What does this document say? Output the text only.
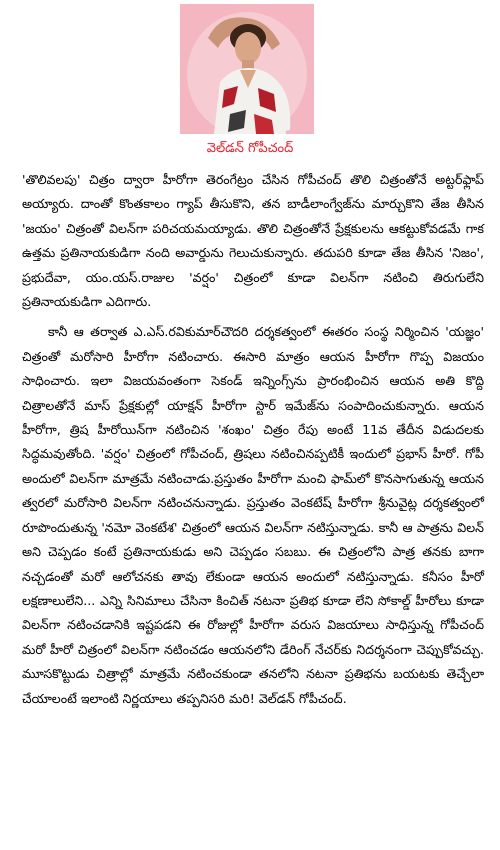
వెల్‌డన్ గోపీచంద్

'తొలివలపు' చిత్రం ద్వారా హీరోగా తెరంగేట్రం చేసిన గోపీచంద్ తొలి చిత్రంతోనే అట్టర్‌ఫ్లాప్ అయ్యారు. దాంతో కొంతకాలం గ్యాప్ తీసుకొని, తన బాడీలాంగ్వేజ్‌ను మార్చుకొని తేజ తీసిన 'జయం' చిత్రంతో విలన్‌గా పరిచయమయ్యాడు. తొలి చిత్రంతోనే ప్రేక్షకులను ఆకట్టుకోవడమే గాక ఉత్తమ ప్రతినాయకుడిగా నంది అవార్డును గెలుచుకున్నారు. తదుపరి కూడా తేజ తీసిన 'నిజం', ప్రభుదేవా, యం.యస్.రాజుల 'వర్షం' చిత్రంలో కూడా విలన్‌గా నటించి తిరుగులేని ప్రతినాయకుడిగా ఎదిగారు.

కానీ ఆ తర్వాత ఎ.ఎస్.రవికుమార్‌చౌదరి దర్శకత్వంలో ఈతరం సంస్థ నిర్మించిన 'యజ్ఞం' చిత్రంతో మరోసారి హీరోగా నటించారు. ఈసారి మాత్రం ఆయన హీరోగా గొప్ప విజయం సాధించారు. ఇలా విజయవంతంగా సెకండ్ ఇన్నింగ్స్‌ను ప్రారంభించిన ఆయన అతి కొద్ది చిత్రాలతోనే మాస్ ప్రేక్షకుల్లో యాక్షన్ హీరోగా స్టార్ ఇమేజ్‌ను సంపాదించుకున్నారు. ఆయన హీరోగా, త్రిష హీరోయిన్‌గా నటించిన 'శంఖం' చిత్రం రేపు అంటే 11వ తేదీన విడుదలకు సిద్ధమవుతోంది. 'వర్షం' చిత్రంలో గోపీచంద్, త్రిషలు నటించినప్పటికీ ఇందులో ప్రభాస్ హీరో. గోపీ అందులో విలన్‌గా మాత్రమే నటించాడు.ప్రస్తుతం హీరోగా మంచి ఫామ్‌లో కొనసాగుతున్న ఆయన త్వరలో మరోసారి విలన్‌గా నటించనున్నాడు. ప్రస్తుతం వెంకటేష్ హీరోగా శ్రీనువైట్ల దర్శకత్వంలో రూపొందుతున్న 'నమో వెంకటేశ' చిత్రంలో ఆయన విలన్‌గా నటిస్తున్నాడు. కానీ ఆ పాత్రను విలన్ అని చెప్పడం కంటే ప్రతినాయకుడు అని చెప్పడం సబబు. ఈ చిత్రంలోని పాత్ర తనకు బాగా నచ్చడంతో మరో ఆలోచనకు తావు లేకుండా ఆయన అందులో నటిస్తున్నాడు. కనీసం హీరో లక్షణాలులేని... ఎన్ని సినిమాలు చేసినా కించిత్ నటనా ప్రతిభ కూడా లేని సోకాల్డ్ హీరోలు కూడా విలన్‌గా నటించడానికి ఇష్టపడని ఈ రోజుల్లో హీరోగా వరుస విజయాలు సాధిస్తున్న గోపీచంద్ మరో హీరో చిత్రంలో విలన్‌గా నటించడం ఆయనలోని డేరింగ్ నేచర్‌కు నిదర్శనంగా చెప్పుకోవచ్చు. మూసకొట్టుడు చిత్రాల్లో మాత్రమే నటించకుండా తనలోని నటనా ప్రతిభను బయటకు తెచ్చేలా చేయాలంటే ఇలాంటి నిర్ణయాలు తప్పనిసరి మరి! వెల్‌డన్ గోపీచంద్.
